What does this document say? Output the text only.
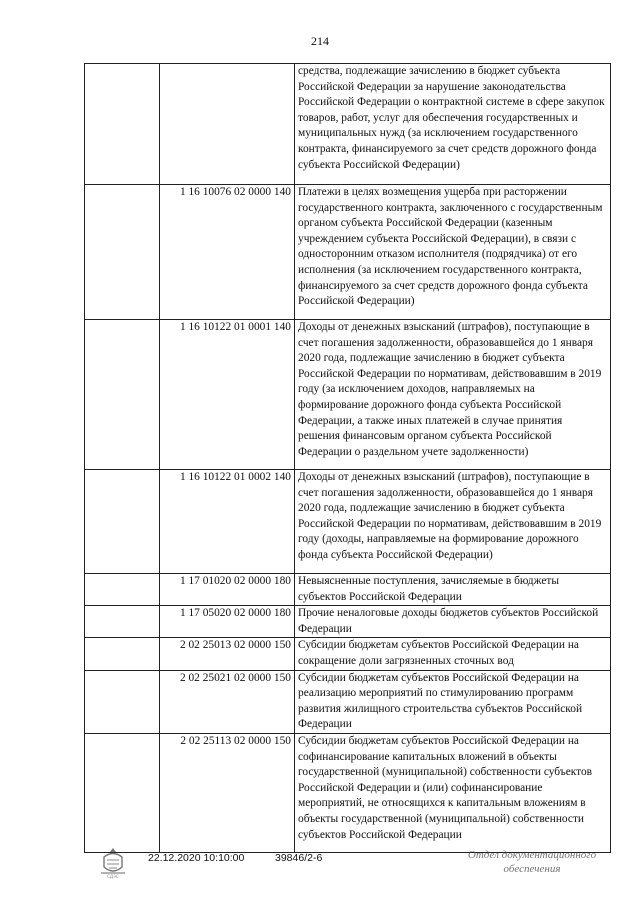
214
		средства, подлежащие зачислению в бюджет субъекта Российской Федерации за нарушение законодательства Российской Федерации о контрактной системе в сфере закупок товаров, работ, услуг для обеспечения государственных и муниципальных нужд (за исключением государственного контракта, финансируемого за счет средств дорожного фонда субъекта Российской Федерации)
	1 16 10076 02 0000 140	Платежи в целях возмещения ущерба при расторжении государственного контракта, заключенного с государственным органом субъекта Российской Федерации (казенным учреждением субъекта Российской Федерации), в связи с односторонним отказом исполнителя (подрядчика) от его исполнения (за исключением государственного контракта, финансируемого за счет средств дорожного фонда субъекта Российской Федерации)
	1 16 10122 01 0001 140	Доходы от денежных взысканий (штрафов), поступающие в счет погашения задолженности, образовавшейся до 1 января 2020 года, подлежащие зачислению в бюджет субъекта Российской Федерации по нормативам, действовавшим в 2019 году (за исключением доходов, направляемых на формирование дорожного фонда субъекта Российской Федерации, а также иных платежей в случае принятия решения финансовым органом субъекта Российской Федерации о раздельном учете задолженности)
	1 16 10122 01 0002 140	Доходы от денежных взысканий (штрафов), поступающие в счет погашения задолженности, образовавшейся до 1 января 2020 года, подлежащие зачислению в бюджет субъекта Российской Федерации по нормативам, действовавшим в 2019 году (доходы, направляемые на формирование дорожного фонда субъекта Российской Федерации)
	1 17 01020 02 0000 180	Невыясненные поступления, зачисляемые в бюджеты субъектов Российской Федерации
	1 17 05020 02 0000 180	Прочие неналоговые доходы бюджетов субъектов Российской Федерации
	2 02 25013 02 0000 150	Субсидии бюджетам субъектов Российской Федерации на сокращение доли загрязненных сточных вод
	2 02 25021 02 0000 150	Субсидии бюджетам субъектов Российской Федерации на реализацию мероприятий по стимулированию программ развития жилищного строительства субъектов Российской Федерации
	2 02 25113 02 0000 150	Субсидии бюджетам субъектов Российской Федерации на софинансирование капитальных вложений в объекты государственной (муниципальной) собственности субъектов Российской Федерации и (или) софинансирование мероприятий, не относящихся к капитальным вложениям в объекты государственной (муниципальной) собственности субъектов Российской Федерации
СДЭС
22.12.2020 10:10:00	39846/2-6	Отдел документационного
обеспечения
